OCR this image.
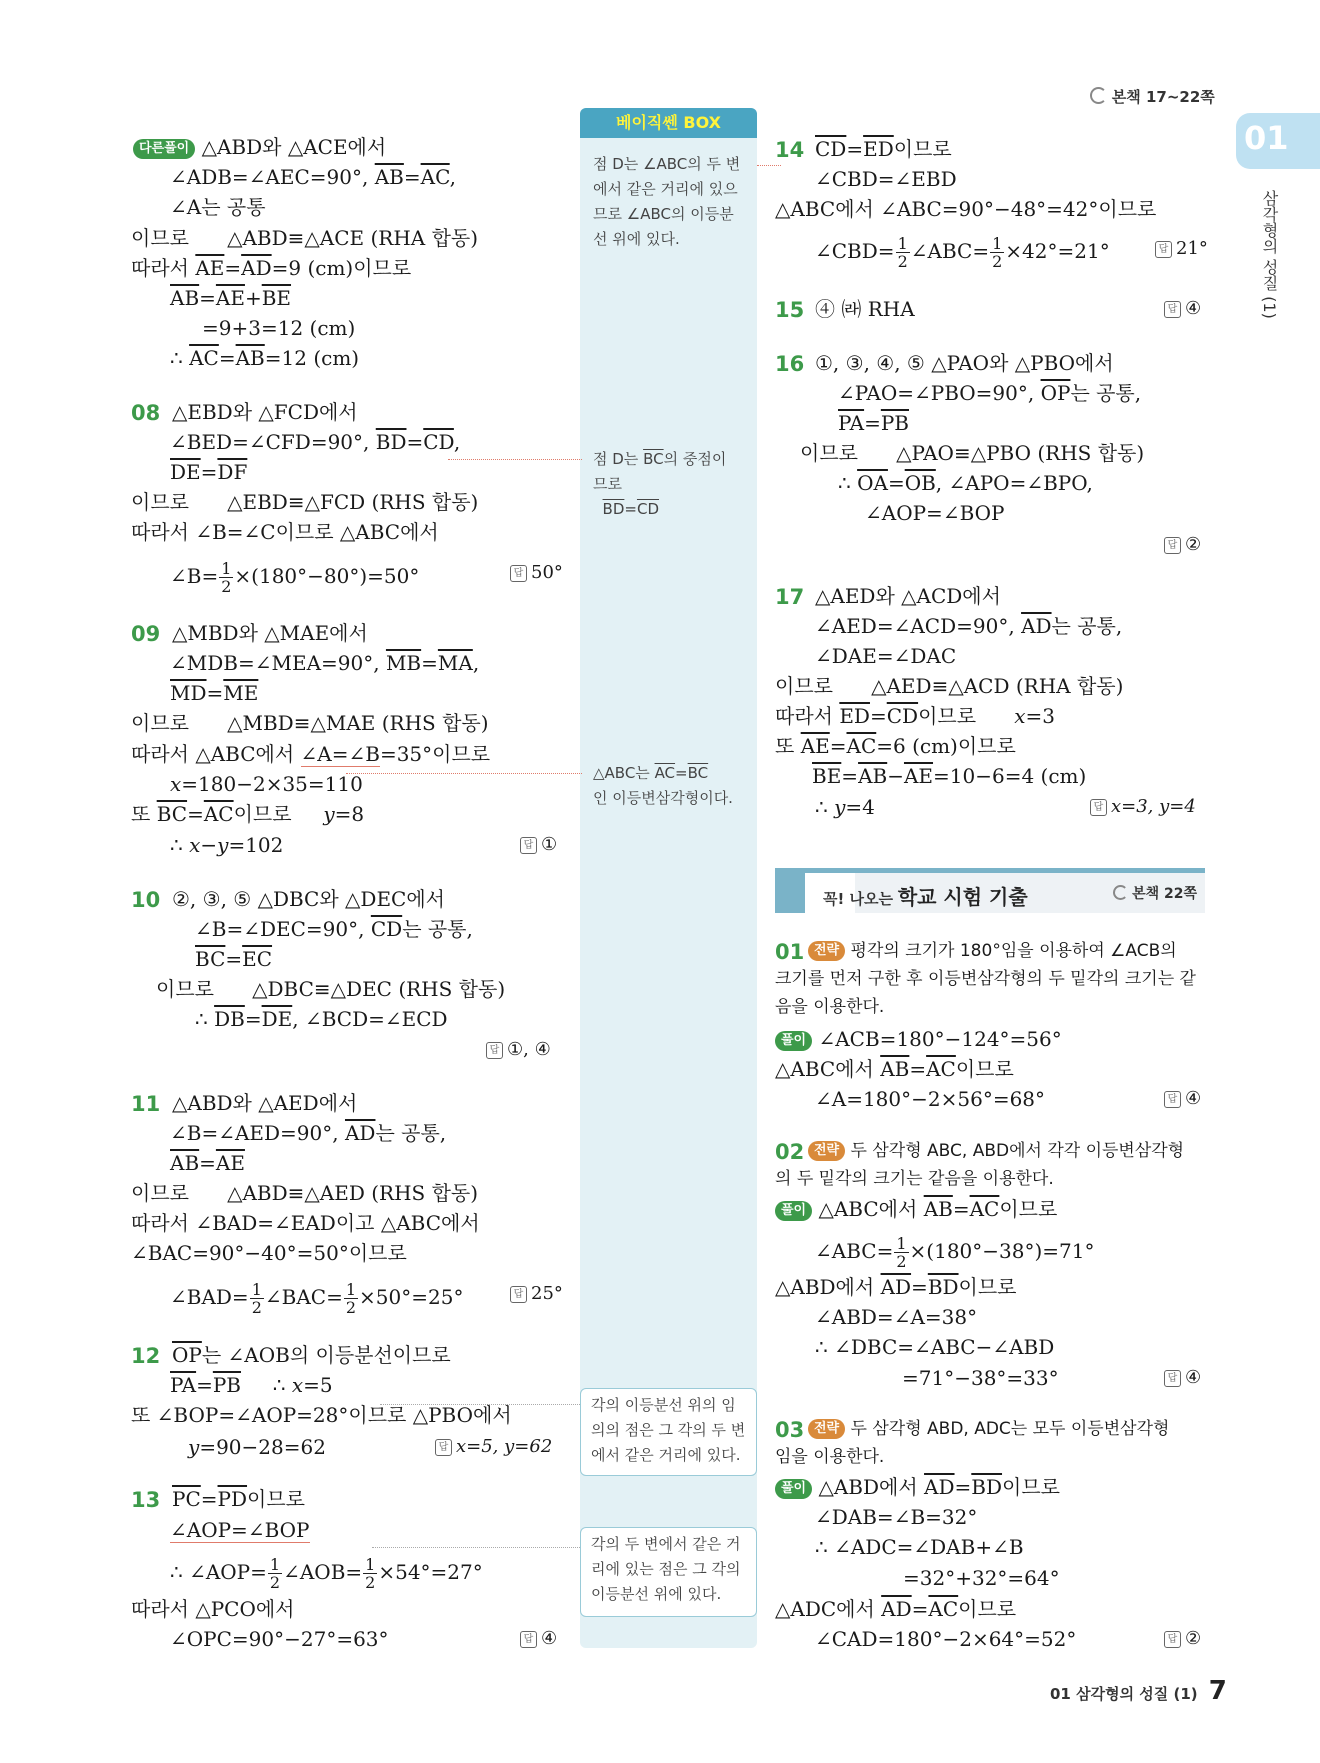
본책 17~22쪽
01
삼각형의 성질 (1)
베이직쎈 BOX
점 D는 ∠ABC의 두 변에서 같은 거리에 있으므로 ∠ABC의 이등분선 위에 있다.
점 D는 $\overline{BC}$의 중점이
므로
$\overline{BD}=\overline{CD}$
△ABC는 $\overline{AC}=\overline{BC}$
인 이등변삼각형이다.
각의 이등분선 위의 임의의 점은 그 각의 두 변에서 같은 거리에 있다.
각의 두 변에서 같은 거리에 있는 점은 그 각의 이등분선 위에 있다.
다른풀이 △ABD와 △ACE에서
∠ADB=∠AEC=90°, $\overline{AB}=\overline{AC}$,
∠A는 공통
이므로      △ABD≡△ACE (RHA 합동)
따라서 $\overline{AE}=\overline{AD}=9$ (cm)이므로
$\overline{AB}=\overline{AE}+\overline{BE}$
=9+3=12 (cm)
∴ $\overline{AC}=\overline{AB}=12$ (cm)
08 △EBD와 △FCD에서
∠BED=∠CFD=90°, $\overline{BD}=\overline{CD}$,
$\overline{DE}=\overline{DF}$
이므로      △EBD≡△FCD (RHS 합동)
따라서 ∠B=∠C이므로 △ABC에서
∠B= $\frac{1}{2} \times(180^\circ-80^\circ)=50^\circ$	답 50°
09 △MBD와 △MAE에서
∠MDB=∠MEA=90°, $\overline{MB}=\overline{MA}$,
$\overline{MD}=\overline{ME}$
이므로      △MBD≡△MAE (RHS 합동)
따라서 △ABC에서 ∠A=∠B=35°이므로
x=180−2×35=110
또 $\overline{BC}=\overline{AC}$이므로     y=8
∴ x−y=102	답 ①
10 ②, ③, ⑤ △DBC와 △DEC에서
∠B=∠DEC=90°, $\overline{CD}$는 공통,
$\overline{BC}=\overline{EC}$
이므로      △DBC≡△DEC (RHS 합동)
∴ $\overline{DB}=\overline{DE}$, ∠BCD=∠ECD
답 ①, ④
11 △ABD와 △AED에서
∠B=∠AED=90°, $\overline{AD}$는 공통,
$\overline{AB}=\overline{AE}$
이므로      △ABD≡△AED (RHS 합동)
따라서 ∠BAD=∠EAD이고 △ABC에서
∠BAC=90°−40°=50°이므로
∠BAD= $\frac{1}{2}$ ∠BAC= $\frac{1}{2} \times 50^\circ=25^\circ$	답 25°
12 $\overline{OP}$는 ∠AOB의 이등분선이므로
$\overline{PA}=\overline{PB}$     ∴ x=5
또 ∠BOP=∠AOP=28°이므로 △PBO에서
y=90−28=62	답 x=5, y=62
13 $\overline{PC}=\overline{PD}$이므로
∠AOP=∠BOP
∴ ∠AOP= $\frac{1}{2}$ ∠AOB= $\frac{1}{2} \times 54^\circ=27^\circ$
따라서 △PCO에서
∠OPC=90°−27°=63°	답 ④
14 $\overline{CD}=\overline{ED}$이므로
∠CBD=∠EBD
△ABC에서 ∠ABC=90°−48°=42°이므로
∠CBD= $\frac{1}{2}$ ∠ABC= $\frac{1}{2} \times 42^\circ=21^\circ$	답 21°
15 ④ ㈑ RHA	답 ④
16 ①, ③, ④, ⑤ △PAO와 △PBO에서
∠PAO=∠PBO=90°, $\overline{OP}$는 공통,
$\overline{PA}=\overline{PB}$
이므로      △PAO≡△PBO (RHS 합동)
∴ $\overline{OA}=\overline{OB}$, ∠APO=∠BPO,
∠AOP=∠BOP
답 ②
17 △AED와 △ACD에서
∠AED=∠ACD=90°, $\overline{AD}$는 공통,
∠DAE=∠DAC
이므로      △AED≡△ACD (RHA 합동)
따라서 $\overline{ED}=\overline{CD}$이므로      x=3
또 $\overline{AE}=\overline{AC}=6$ (cm)이므로
$\overline{BE}=\overline{AB}-\overline{AE}=10-6=4$ (cm)
∴ y=4	답 x=3, y=4
꼭! 나오는 학교 시험 기출	본책 22쪽
01 전략 평각의 크기가 180°임을 이용하여 ∠ACB의
크기를 먼저 구한 후 이등변삼각형의 두 밑각의 크기는 같
음을 이용한다.
풀이 ∠ACB=180°−124°=56°
△ABC에서 $\overline{AB}=\overline{AC}$이므로
∠A=180°−2×56°=68°	답 ④
02 전략 두 삼각형 ABC, ABD에서 각각 이등변삼각형
의 두 밑각의 크기는 같음을 이용한다.
풀이 △ABC에서 $\overline{AB}=\overline{AC}$이므로
∠ABC= $\frac{1}{2} \times(180^\circ-38^\circ)=71^\circ$
△ABD에서 $\overline{AD}=\overline{BD}$이므로
∠ABD=∠A=38°
∴ ∠DBC=∠ABC−∠ABD
=71°−38°=33°	답 ④
03 전략 두 삼각형 ABD, ADC는 모두 이등변삼각형
임을 이용한다.
풀이 △ABD에서 $\overline{AD}=\overline{BD}$이므로
∠DAB=∠B=32°
∴ ∠ADC=∠DAB+∠B
=32°+32°=64°
△ADC에서 $\overline{AD}=\overline{AC}$이므로
∠CAD=180°−2×64°=52°	답 ②
01 삼각형의 성질 (1) 7
